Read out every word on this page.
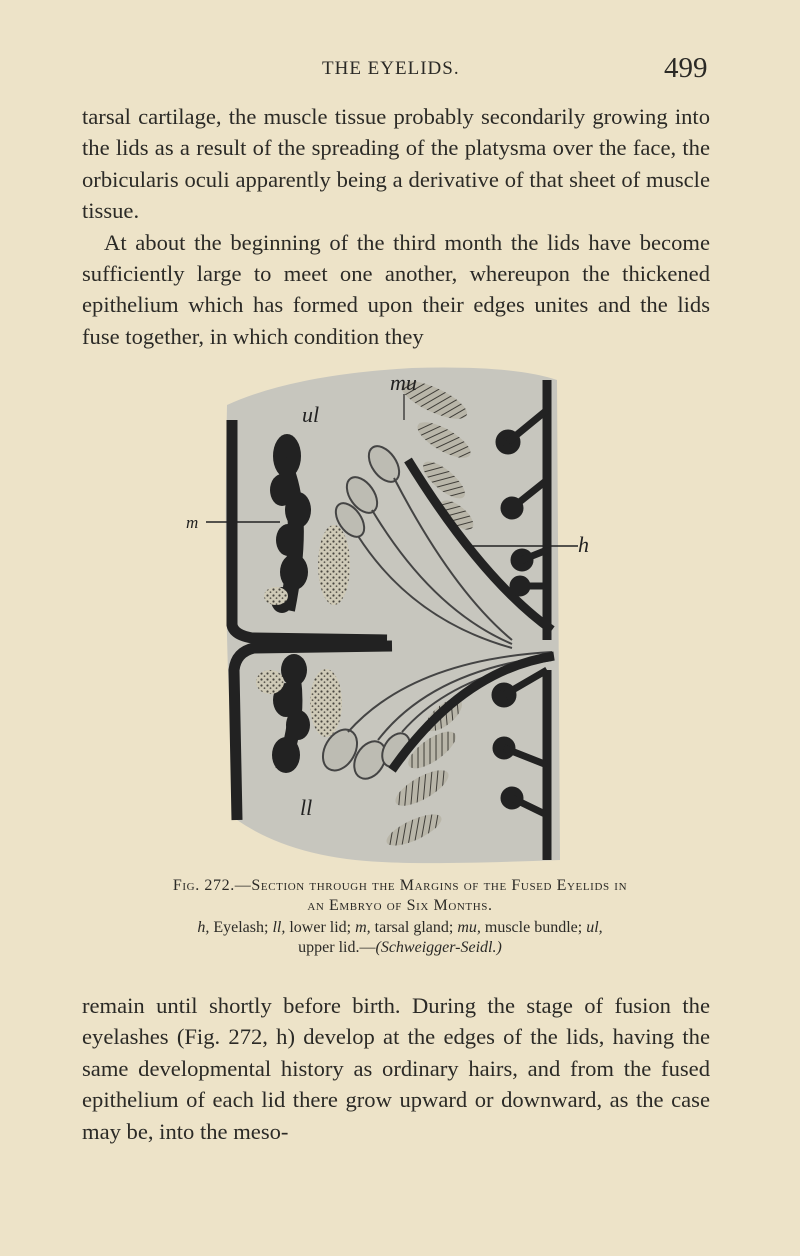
THE EYELIDS.	499

tarsal cartilage, the muscle tissue probably secondarily growing into the lids as a result of the spreading of the platysma over the face, the orbicularis oculi apparently being a derivative of that sheet of muscle tissue.

At about the beginning of the third month the lids have become sufficiently large to meet one another, whereupon the thickened epithelium which has formed upon their edges unites and the lids fuse together, in which condition they

mu
ul
m
h
ll
Fig. 272.—Section through the Margins of the Fused Eyelids in
an Embryo of Six Months.
h, Eyelash; ll, lower lid; m, tarsal gland; mu, muscle bundle; ul,
upper lid.—(Schweigger-Seidl.)

remain until shortly before birth. During the stage of fusion the eyelashes (Fig. 272, h) develop at the edges of the lids, having the same developmental history as ordinary hairs, and from the fused epithelium of each lid there grow upward or downward, as the case may be, into the meso-
